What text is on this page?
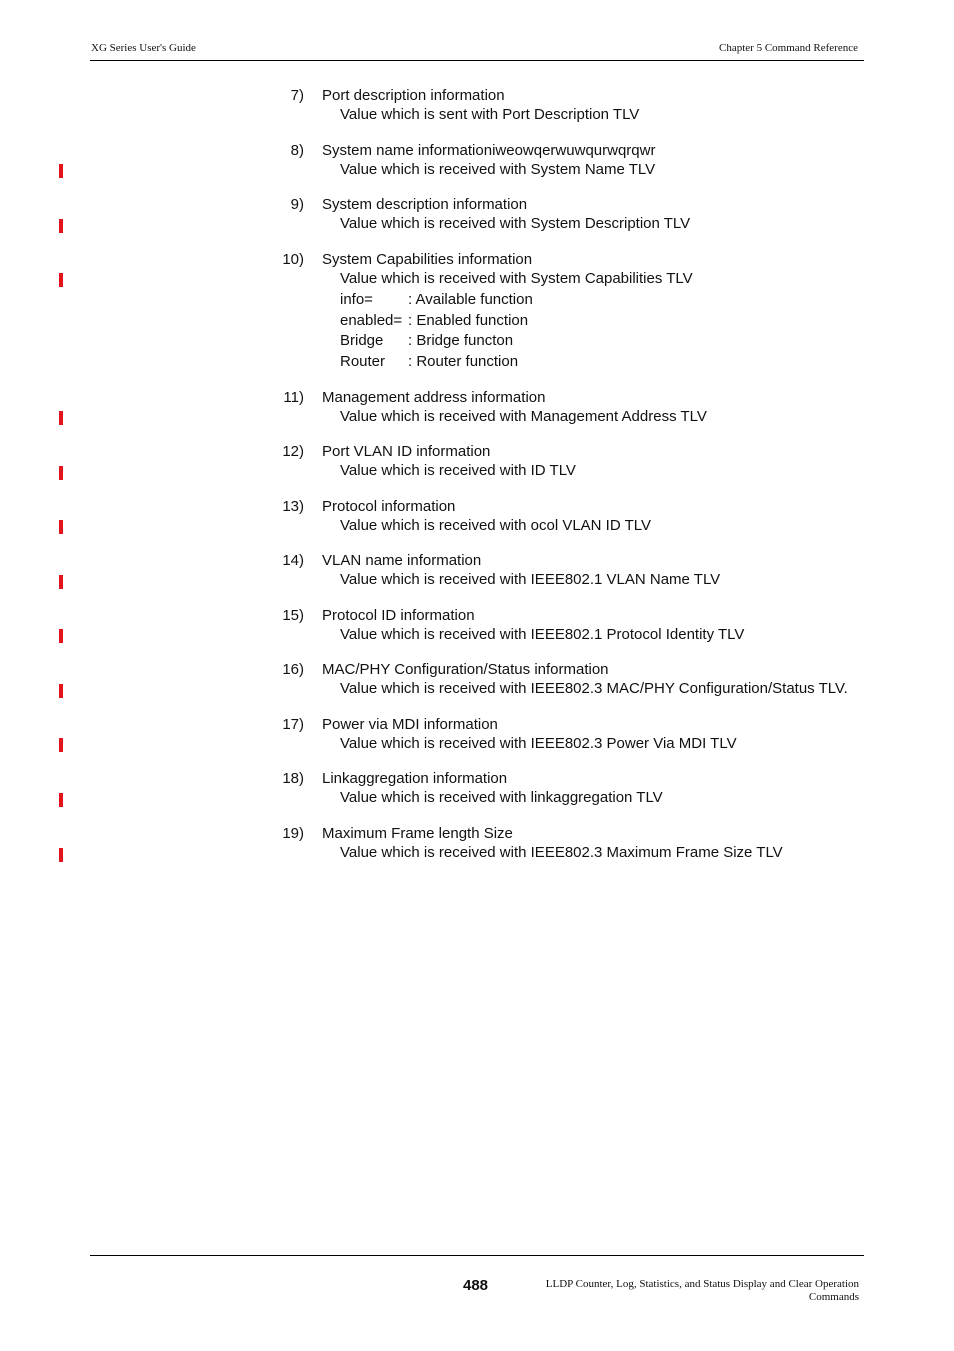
XG Series User's Guide	Chapter 5 Command Reference
7) Port description information
Value which is sent with Port Description TLV
8) System name informationiweowqerwuwqurwqrqwr
Value which is received with System Name TLV
9) System description information
Value which is received with System Description TLV
10) System Capabilities information
Value which is received with System Capabilities TLV
info= : Available function
enabled= : Enabled function
Bridge : Bridge functon
Router : Router function
11) Management address information
Value which is received with Management Address TLV
12) Port VLAN ID information
Value which is received with ID TLV
13) Protocol information
Value which is received with ocol VLAN ID TLV
14) VLAN name information
Value which is received with IEEE802.1 VLAN Name TLV
15) Protocol ID information
Value which is received with IEEE802.1 Protocol Identity TLV
16) MAC/PHY Configuration/Status information
Value which is received with IEEE802.3 MAC/PHY Configuration/Status TLV.
17) Power via MDI information
Value which is received with IEEE802.3 Power Via MDI TLV
18) Linkaggregation information
Value which is received with linkaggregation TLV
19) Maximum Frame length Size
Value which is received with IEEE802.3 Maximum Frame Size TLV
488	LLDP Counter, Log, Statistics, and Status Display and Clear Operation
Commands
